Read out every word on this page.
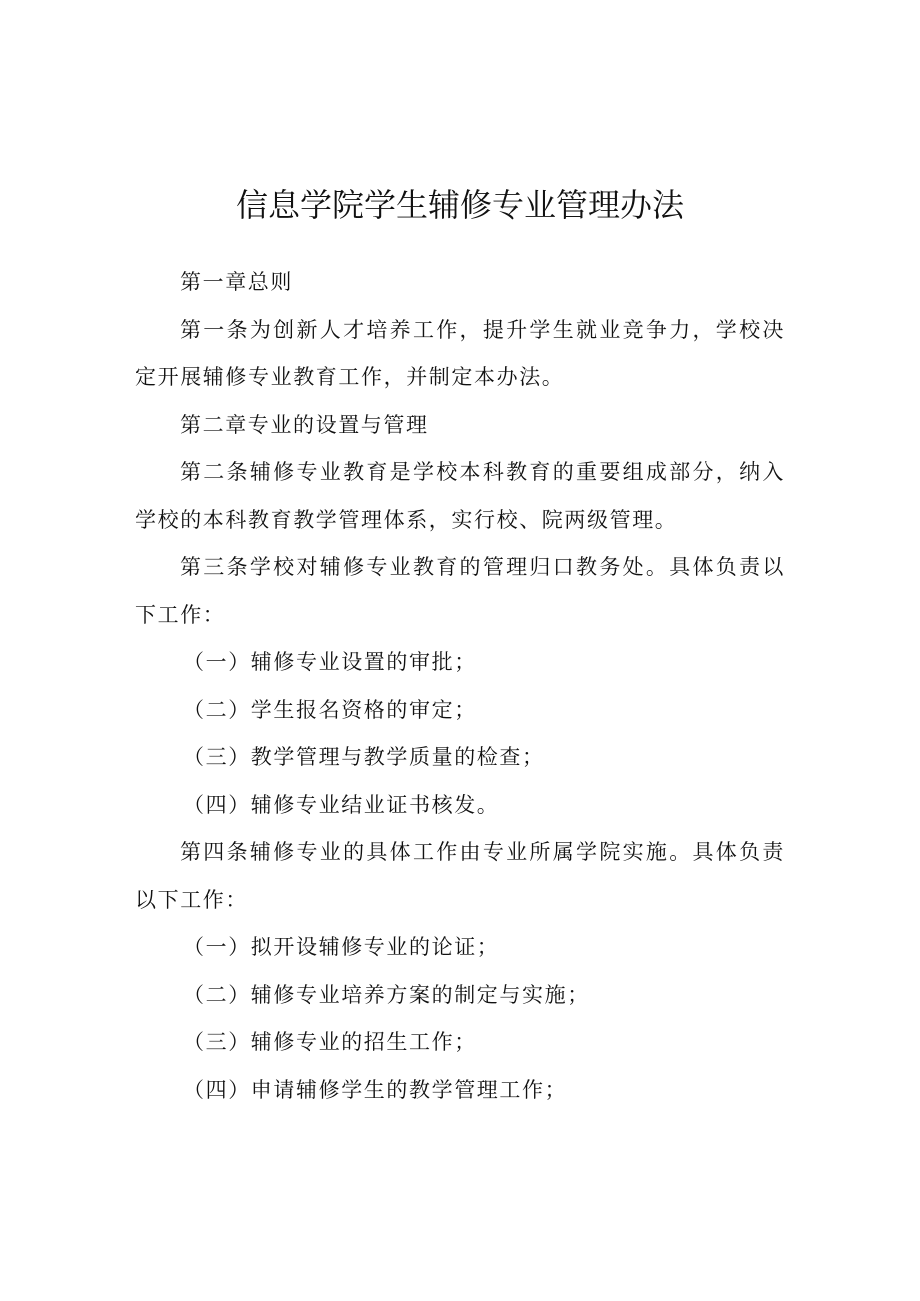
信息学院学生辅修专业管理办法

第一章总则

第一条为创新人才培养工作，提升学生就业竞争力，学校决定开展辅修专业教育工作，并制定本办法。

第二章专业的设置与管理

第二条辅修专业教育是学校本科教育的重要组成部分，纳入学校的本科教育教学管理体系，实行校、院两级管理。

第三条学校对辅修专业教育的管理归口教务处。具体负责以下工作：

（一）辅修专业设置的审批；

（二）学生报名资格的审定；

（三）教学管理与教学质量的检查；

（四）辅修专业结业证书核发。

第四条辅修专业的具体工作由专业所属学院实施。具体负责以下工作：

（一）拟开设辅修专业的论证；

（二）辅修专业培养方案的制定与实施；

（三）辅修专业的招生工作；

（四）申请辅修学生的教学管理工作；
